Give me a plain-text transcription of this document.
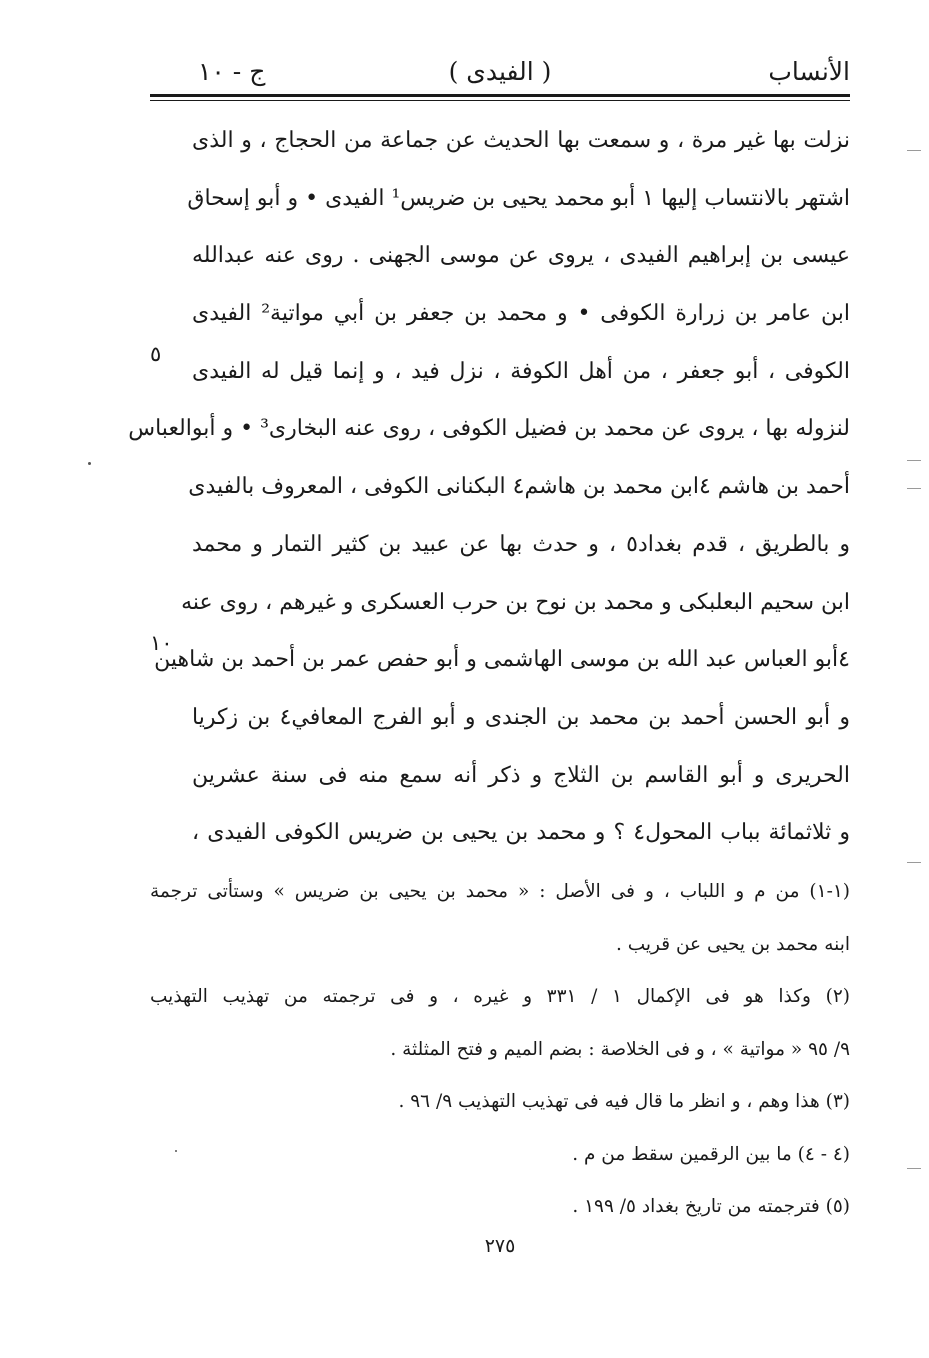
الأنساب
( الفيدى )
ج - ١٠
نزلت بها غير مرة ، و سمعت بها الحديث عن جماعة من الحجاج ، و الذى
اشتهر بالانتساب إليها ١ أبو محمد يحيى بن ضريس¹ الفيدى • و أبو إسحاق
عيسى بن إبراهيم الفيدى ، يروى عن موسى الجهنى . روى عنه عبدالله
ابن عامر بن زرارة الكوفى • و محمد بن جعفر بن أبي مواتية² الفيدى
الكوفى ، أبو جعفر ، من أهل الكوفة ، نزل فيد ، و إنما قيل له الفيدى
لنزوله بها ، يروى عن محمد بن فضيل الكوفى ، روى عنه البخارى³ • و أبوالعباس
أحمد بن هاشم ٤ابن محمد بن هاشم٤ البكنانى الكوفى ، المعروف بالفيدى
و بالطريق ، قدم بغداد٥ ، و حدث بها عن عبيد بن كثير التمار و محمد
ابن سحيم البعلبكى و محمد بن نوح بن حرب العسكرى و غيرهم ، روى عنه
٤أبو العباس عبد الله بن موسى الهاشمى و أبو حفص عمر بن أحمد بن شاهين
و أبو الحسن أحمد بن محمد بن الجندى و أبو الفرج المعافي٤ بن زكريا
الحريرى و أبو القاسم بن الثلاج و ذكر أنه سمع منه فى سنة عشرين
و ثلاثمائة بباب المحول٤ ؟ و محمد بن يحيى بن ضريس الكوفى الفيدى ،
٥
١٠
(١-١) من م و اللباب ، و فى الأصل : « محمد بن يحيى بن ضريس » وستأتى ترجمة
ابنه محمد بن يحيى عن قريب .
(٢) وكذا هو فى الإكمال ١ / ٣٣١ و غيره ، و فى ترجمته من تهذيب التهذيب
٩/ ٩٥ « مواتية » ، و فى الخلاصة : بضم الميم و فتح المثلثة .
(٣) هذا وهم ، و انظر ما قال فيه فى تهذيب التهذيب ٩/ ٩٦ .
(٤ - ٤) ما بين الرقمين سقط من م .
(٥) فترجمته من تاريخ بغداد ٥/ ١٩٩ .
٢٧٥
